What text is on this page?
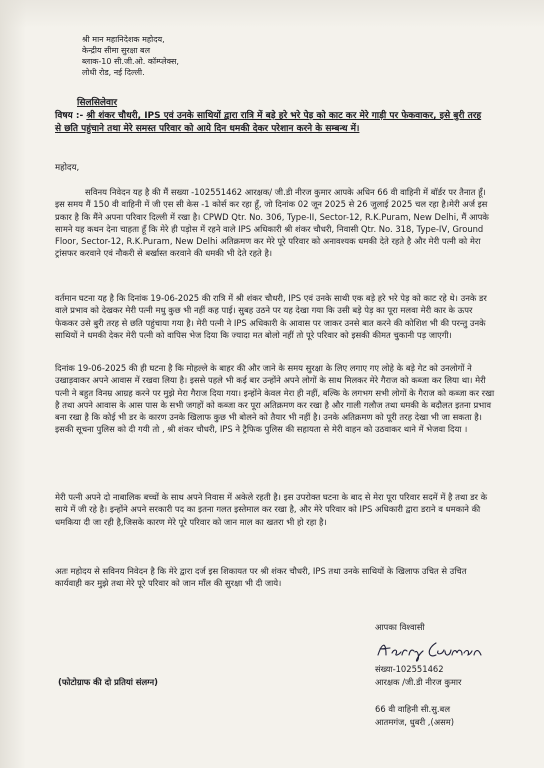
श्री मान महानिदेशक महोदय,
केन्द्रीय सीमा सुरक्षा बल
ब्लाक-10 सी.जी.ओ. कॉम्प्लेक्स,
लोधी रोड, नई दिल्ली.
सिलसिलेवार
विषय :- श्री शंकर चौधरी, IPS एवं उनके साथियों द्वारा रात्रि में बड़े हरे भरे पेड़ को काट कर मेरे गाड़ी पर फेकवाकर, इसे बुरी तरह से छति पहुंचाने तथा मेरे समस्त परिवार को आये दिन धमकी देकर परेशान करने के सम्बन्ध में।
महोदय,
सविनय निवेदन यह है की मैं सख्या -102551462 आरक्षक/ जी.डी नीरज कुमार आपके अधिन 66 वी वाहिनी में बॉर्डर पर तैनात हूँ। इस समय मैं 150 वी वाहिनी में जी एस सी केस -1 कोर्स कर रहा हूँ, जो दिनांक 02 जून 2025 से 26 जुलाई 2025 चल रहा है।मेरी अर्ज इस प्रकार है कि मैंने अपना परिवार दिल्ली में रखा है। CPWD Qtr. No. 306, Type-II, Sector-12, R.K.Puram, New Delhi, मैं आपके सामने यह कथन देना चाहता हूँ कि मेरे ही पड़ोस में रहने वाले IPS अधिकारी श्री शंकर चौधरी, निवासी Qtr. No. 318, Type-IV, Ground Floor, Sector-12, R.K.Puram, New Delhi अतिक्रमण कर मेरे पूरे परिवार को अनावश्यक धमकी देते रहते है और मेरी पत्नी को मेरा ट्रांसफर करवाने एवं नौकरी से बर्खास्त करवाने की धमकी भी देते रहते है।
वर्तमान घटना यह है कि दिनांक 19-06-2025 की रात्रि में श्री शंकर चौधरी, IPS एवं उनके साथी एक बड़े हरे भरे पेड़ को काट रहे थे। उनके डर वाले प्रभाव को देखकर मेरी पत्नी मधु कुछ भी नहीं कह पाई। सुबह उठने पर यह देखा गया कि उसी बड़े पेड़ का पूरा मलवा मेरी कार के ऊपर फेककर उसे बुरी तरह से छति पहुंचाया गया है। मेरी पत्नी ने IPS अधिकारी के आवास पर जाकर उनसे बात करने की कोशिश भी की परन्तु उनके साथियों ने धमकी देकर मेरी पत्नी को वापिस भेज दिया कि ज्यादा मत बोलो नहीं तो पूरे परिवार को इसकी कीमत चुकानी पड़ जाएगी।
दिनांक 19-06-2025 की ही घटना है कि मोहल्ले के बाहर की और जाने के समय सुरक्षा के लिए लगाए गए लोहे के बड़े गेट को उनलोगों ने उखाड़वाकर अपने आवास में रखवा लिया है। इससे पहले भी कई बार उन्होंने अपने लोगों के साथ मिलकर मेरे गैराज को कब्जा कर लिया था। मेरी पत्नी ने बहुत विनम्र आग्रह करने पर मुझे मेरा गैराज दिया गया। इन्होंने केवल मेरा ही नहीं, बल्कि के लगभग सभी लोगों के गैराज को कब्जा कर रखा है तथा अपने आवास के आस पास के सभी जगहों को कब्जा कर पूरा अतिक्रमण कर रखा है और गाली गलौज तथा धमकी के बदौलत इतना प्रभाव बना रखा है कि कोई भी डर के कारण उनके खिलाफ कुछ भी बोलने को तैयार भी नहीं है। उनके अतिक्रमण को पूरी तरह देखा भी जा सकता है। इसकी सूचना पुलिस को दी गयी तो , श्री शंकर चौधरी, IPS ने ट्रैफिक पुलिस की सहायता से मेरी वाहन को उठवाकर थाने में भेजवा दिया ।
मेरी पत्नी अपने दो नाबालिक बच्चों के साथ अपने निवास में अकेले रहती है। इस उपरोक्त घटना के बाद से मेरा पूरा परिवार सदमें में है तथा डर के साये में जी रहे है। इन्होंने अपने सरकारी पद का इतना गलत इस्तेमाल कर रखा है, और मेरे परिवार को IPS अधिकारी द्वारा डराने व धमकाने की धमकिया दी जा रही है,जिसके कारण मेरे पूरे परिवार को जान माल का खतरा भी हो रहा है।
अतः महोदय से सविनय निवेदन है कि मेरे द्वारा दर्ज इस शिकायत पर श्री शंकर चौधरी, IPS तथा उनके साथियों के खिलाफ उचित से उचित कार्यवाही कर मुझे तथा मेरे पूरे परिवार को जान माँल की सुरक्षा भी दी जाये।
आपका विश्वासी
संख्या-102551462
आरक्षक /जी.डी नीरज कुमार
66 वी वाहिनी सी.सु.बल
आतमगंज, धुबरी ,(असम)
(फोटोग्राफ की दो प्रतियां संलग्न)
